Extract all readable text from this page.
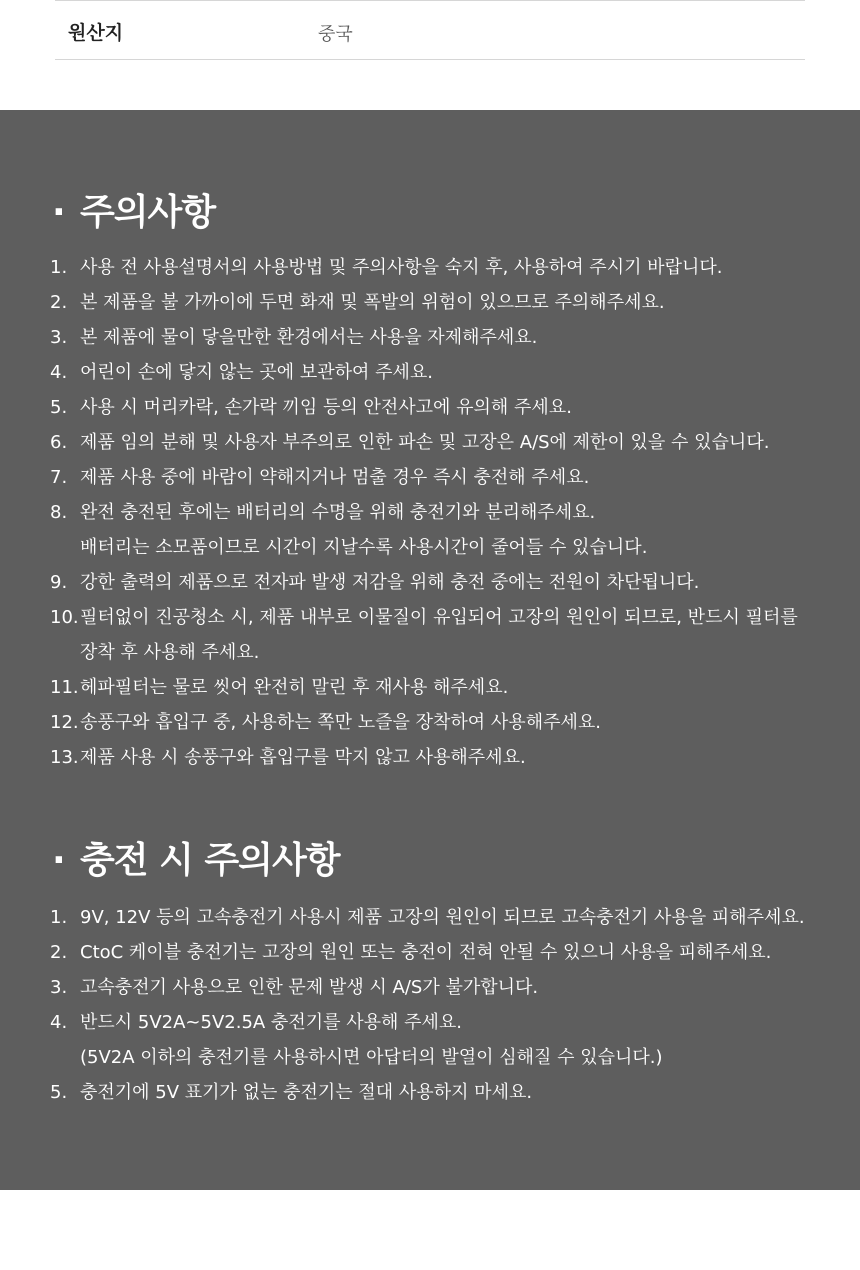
원산지	중국
· 주의사항
1. 사용 전 사용설명서의 사용방법 및 주의사항을 숙지 후, 사용하여 주시기 바랍니다.
2. 본 제품을 불 가까이에 두면 화재 및 폭발의 위험이 있으므로 주의해주세요.
3. 본 제품에 물이 닿을만한 환경에서는 사용을 자제해주세요.
4. 어린이 손에 닿지 않는 곳에 보관하여 주세요.
5. 사용 시 머리카락, 손가락 끼임 등의 안전사고에 유의해 주세요.
6. 제품 임의 분해 및 사용자 부주의로 인한 파손 및 고장은 A/S에 제한이 있을 수 있습니다.
7. 제품 사용 중에 바람이 약해지거나 멈출 경우 즉시 충전해 주세요.
8. 완전 충전된 후에는 배터리의 수명을 위해 충전기와 분리해주세요.
배터리는 소모품이므로 시간이 지날수록 사용시간이 줄어들 수 있습니다.
9. 강한 출력의 제품으로 전자파 발생 저감을 위해 충전 중에는 전원이 차단됩니다.
10.필터없이 진공청소 시, 제품 내부로 이물질이 유입되어 고장의 원인이 되므로, 반드시 필터를
장착 후 사용해 주세요.
11.헤파필터는 물로 씻어 완전히 말린 후 재사용 해주세요.
12.송풍구와 흡입구 중, 사용하는 쪽만 노즐을 장착하여 사용해주세요.
13.제품 사용 시 송풍구와 흡입구를 막지 않고 사용해주세요.
· 충전 시 주의사항
1. 9V, 12V 등의 고속충전기 사용시 제품 고장의 원인이 되므로 고속충전기 사용을 피해주세요.
2. CtoC 케이블 충전기는 고장의 원인 또는 충전이 전혀 안될 수 있으니 사용을 피해주세요.
3. 고속충전기 사용으로 인한 문제 발생 시 A/S가 불가합니다.
4. 반드시 5V2A~5V2.5A 충전기를 사용해 주세요.
(5V2A 이하의 충전기를 사용하시면 아답터의 발열이 심해질 수 있습니다.)
5. 충전기에 5V 표기가 없는 충전기는 절대 사용하지 마세요.
